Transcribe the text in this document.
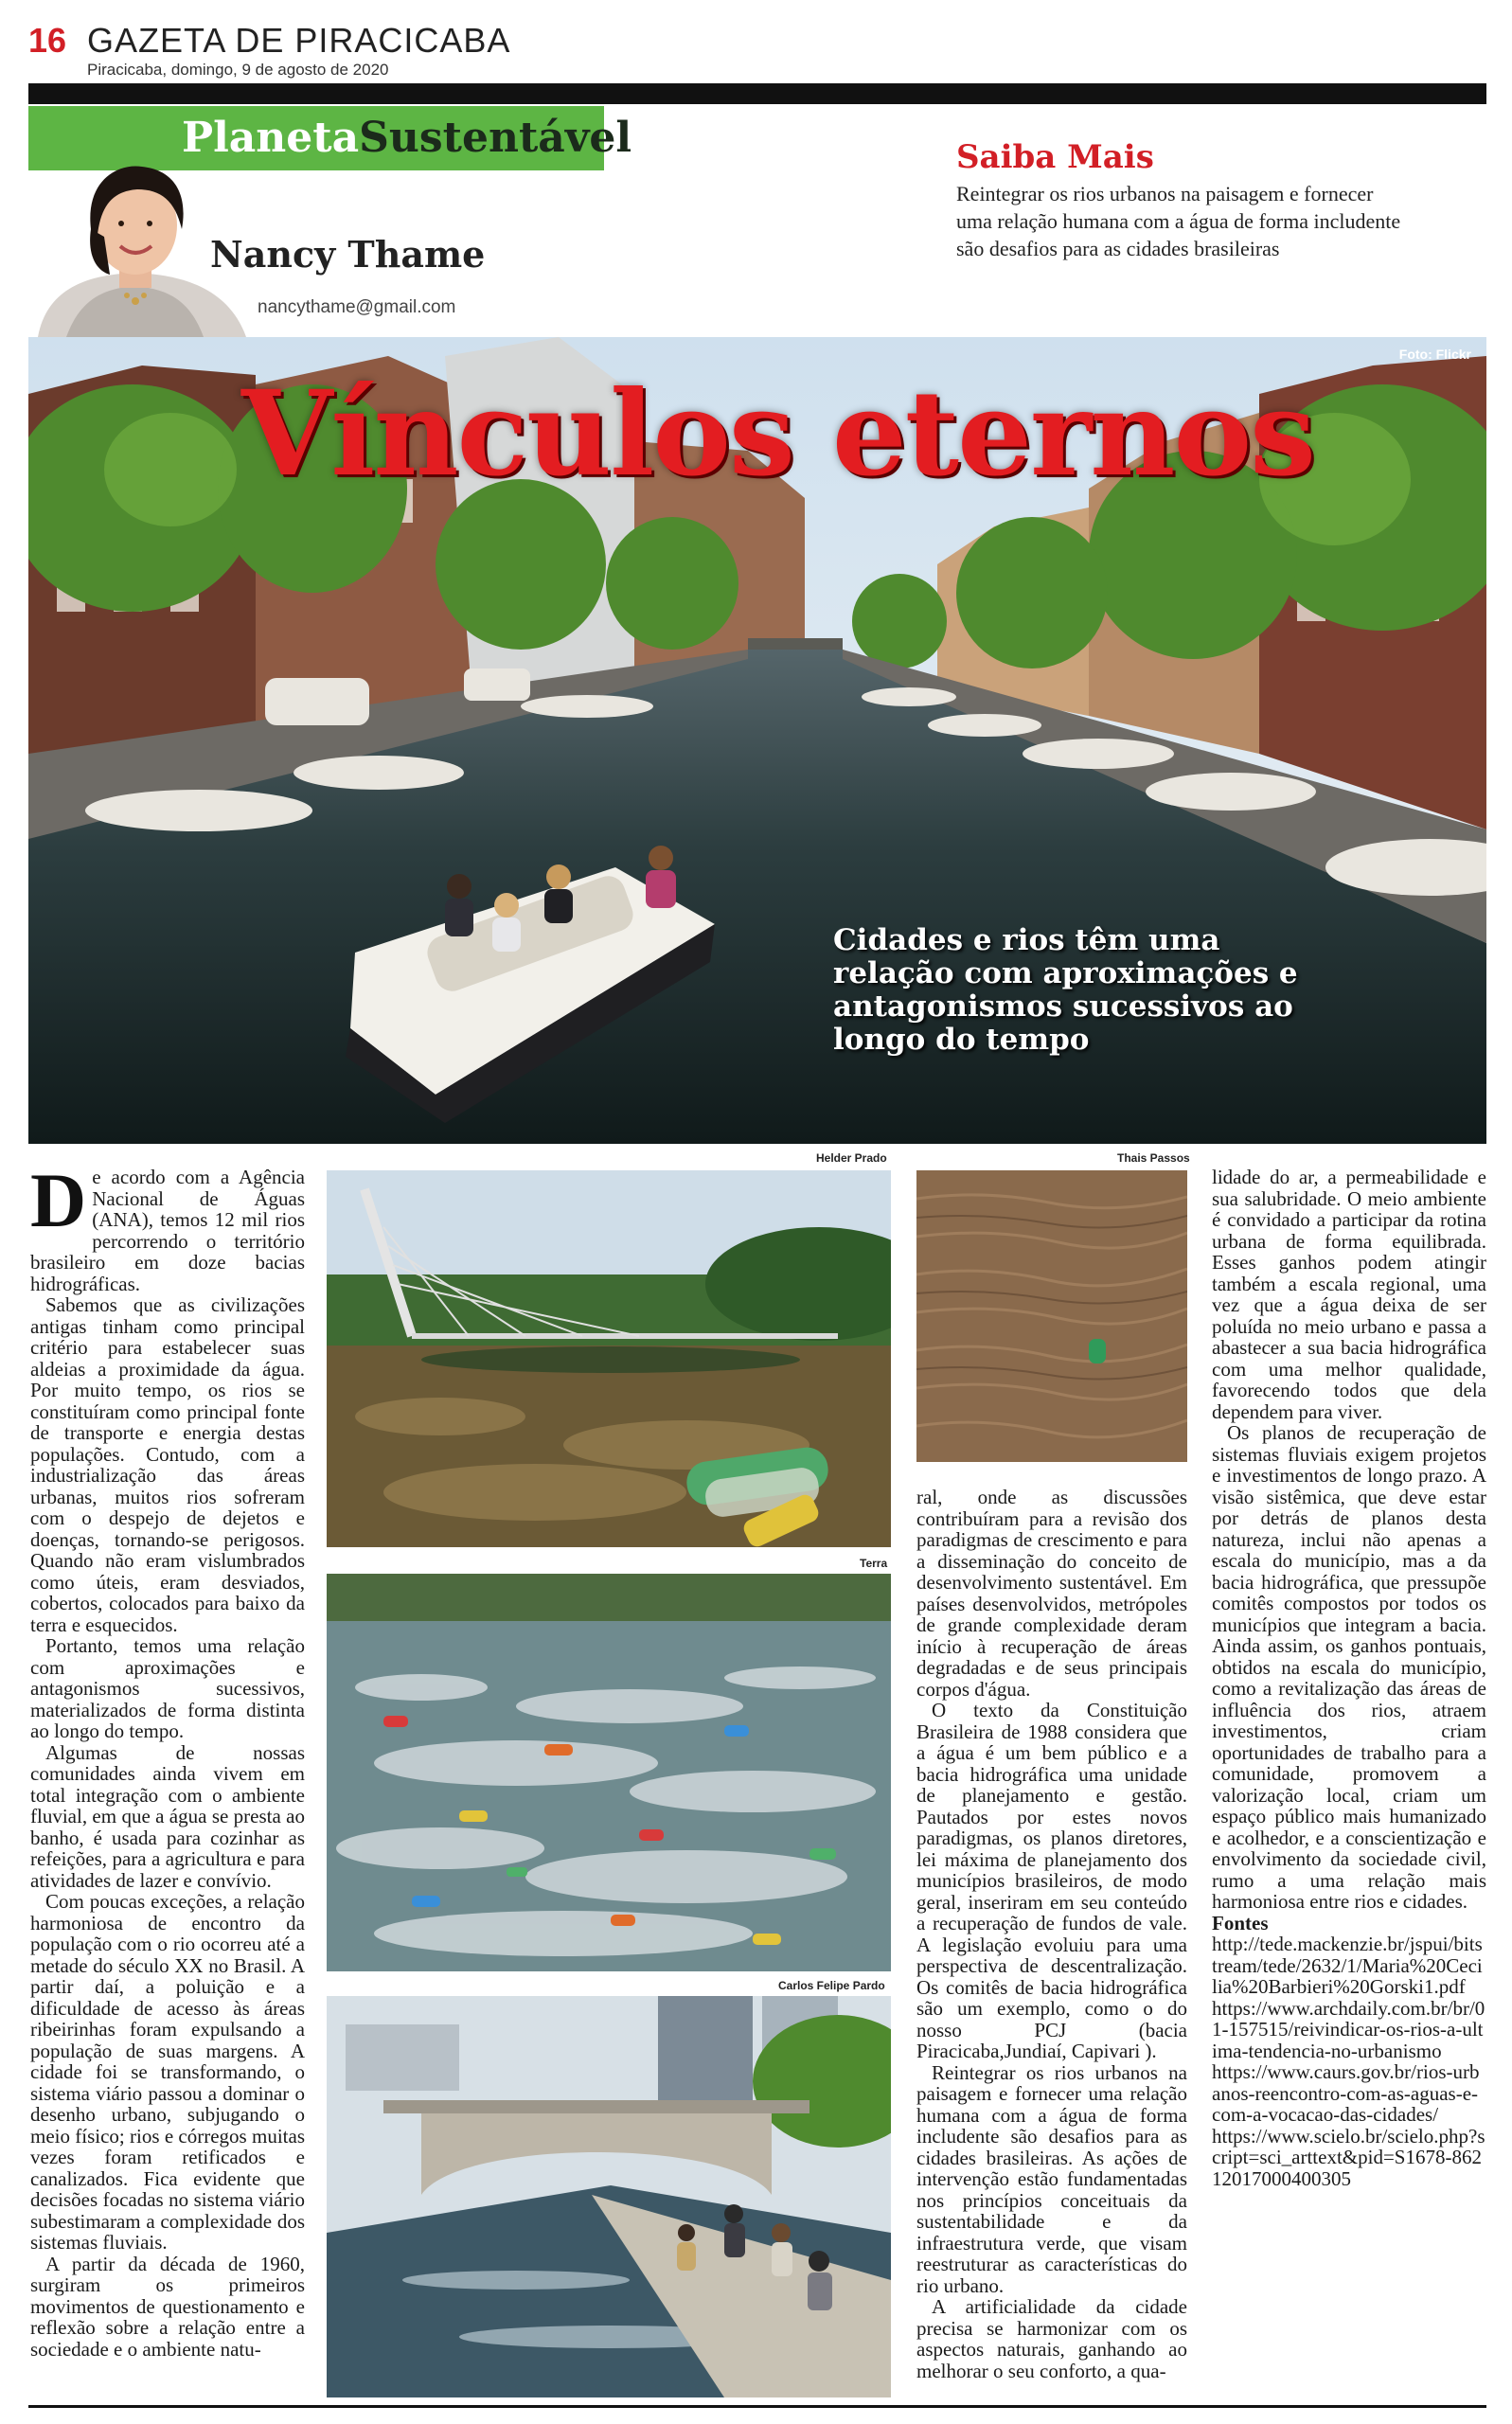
16 GAZETA DE PIRACICABA
Piracicaba, domingo, 9 de agosto de 2020
PlanetaSustentável
Nancy Thame
nancythame@gmail.com
Saiba Mais
Reintegrar os rios urbanos na paisagem e fornecer uma relação humana com a água de forma includente são desafios para as cidades brasileiras
Foto: Flickr
Vínculos eternos
Cidades e rios têm uma relação com aproximações e antagonismos sucessivos ao longo do tempo

De acordo com a Agência Nacional de Águas (ANA), temos 12 mil rios percorrendo o território brasileiro em doze bacias hidrográficas.

Sabemos que as civilizações antigas tinham como principal critério para estabelecer suas aldeias a proximidade da água. Por muito tempo, os rios se constituíram como principal fonte de transporte e energia destas populações. Contudo, com a industrialização das áreas urbanas, muitos rios sofreram com o despejo de dejetos e doenças, tornando-se perigosos. Quando não eram vislumbrados como úteis, eram desviados, cobertos, colocados para baixo da terra e esquecidos.

Portanto, temos uma relação com aproximações e antagonismos sucessivos, materializados de forma distinta ao longo do tempo.

Algumas de nossas comunidades ainda vivem em total integração com o ambiente fluvial, em que a água se presta ao banho, é usada para cozinhar as refeições, para a agricultura e para atividades de lazer e convívio.

Com poucas exceções, a relação harmoniosa de encontro da população com o rio ocorreu até a metade do século XX no Brasil. A partir daí, a poluição e a dificuldade de acesso às áreas ribeirinhas foram expulsando a população de suas margens. A cidade foi se transformando, o sistema viário passou a dominar o desenho urbano, subjugando o meio físico; rios e córregos muitas vezes foram retificados e canalizados. Fica evidente que decisões focadas no sistema viário subestimaram a complexidade dos sistemas fluviais.

A partir da década de 1960, surgiram os primeiros movimentos de questionamento e reflexão sobre a relação entre a sociedade e o ambiente natu-

Helder Prado
Terra
Carlos Felipe Pardo
Thais Passos

ral, onde as discussões contribuíram para a revisão dos paradigmas de crescimento e para a disseminação do conceito de desenvolvimento sustentável. Em países desenvolvidos, metrópoles de grande complexidade deram início à recuperação de áreas degradadas e de seus principais corpos d'água.

O texto da Constituição Brasileira de 1988 considera que a água é um bem público e a bacia hidrográfica uma unidade de planejamento e gestão. Pautados por estes novos paradigmas, os planos diretores, lei máxima de planejamento dos municípios brasileiros, de modo geral, inseriram em seu conteúdo a recuperação de fundos de vale. A legislação evoluiu para uma perspectiva de descentralização. Os comitês de bacia hidrográfica são um exemplo, como o do nosso PCJ (bacia Piracicaba,Jundiaí, Capivari ).

Reintegrar os rios urbanos na paisagem e fornecer uma relação humana com a água de forma includente são desafios para as cidades brasileiras. As ações de intervenção estão fundamentadas nos princípios conceituais da sustentabilidade e da infraestrutura verde, que visam reestruturar as características do rio urbano.

A artificialidade da cidade precisa se harmonizar com os aspectos naturais, ganhando ao melhorar o seu conforto, a qua-

lidade do ar, a permeabilidade e sua salubridade. O meio ambiente é convidado a participar da rotina urbana de forma equilibrada. Esses ganhos podem atingir também a escala regional, uma vez que a água deixa de ser poluída no meio urbano e passa a abastecer a sua bacia hidrográfica com uma melhor qualidade, favorecendo todos que dela dependem para viver.

Os planos de recuperação de sistemas fluviais exigem projetos e investimentos de longo prazo. A visão sistêmica, que deve estar por detrás de planos desta natureza, inclui não apenas a escala do município, mas a da bacia hidrográfica, que pressupõe comitês compostos por todos os municípios que integram a bacia. Ainda assim, os ganhos pontuais, obtidos na escala do município, como a revitalização das áreas de influência dos rios, atraem investimentos, criam oportunidades de trabalho para a comunidade, promovem a valorização local, criam um espaço público mais humanizado e acolhedor, e a conscientização e envolvimento da sociedade civil, rumo a uma relação mais harmoniosa entre rios e cidades.

Fontes

http://tede.mackenzie.br/jspui/bitstream/tede/2632/1/Maria%20Cecilia%20Barbieri%20Gorski1.pdf

https://www.archdaily.com.br/br/01-157515/reivindicar-os-rios-a-ultima-tendencia-no-urbanismo

https://www.caurs.gov.br/rios-urbanos-reencontro-com-as-aguas-e-com-a-vocacao-das-cidades/

https://www.scielo.br/scielo.php?script=sci_arttext&pid=S1678-86212017000400305
